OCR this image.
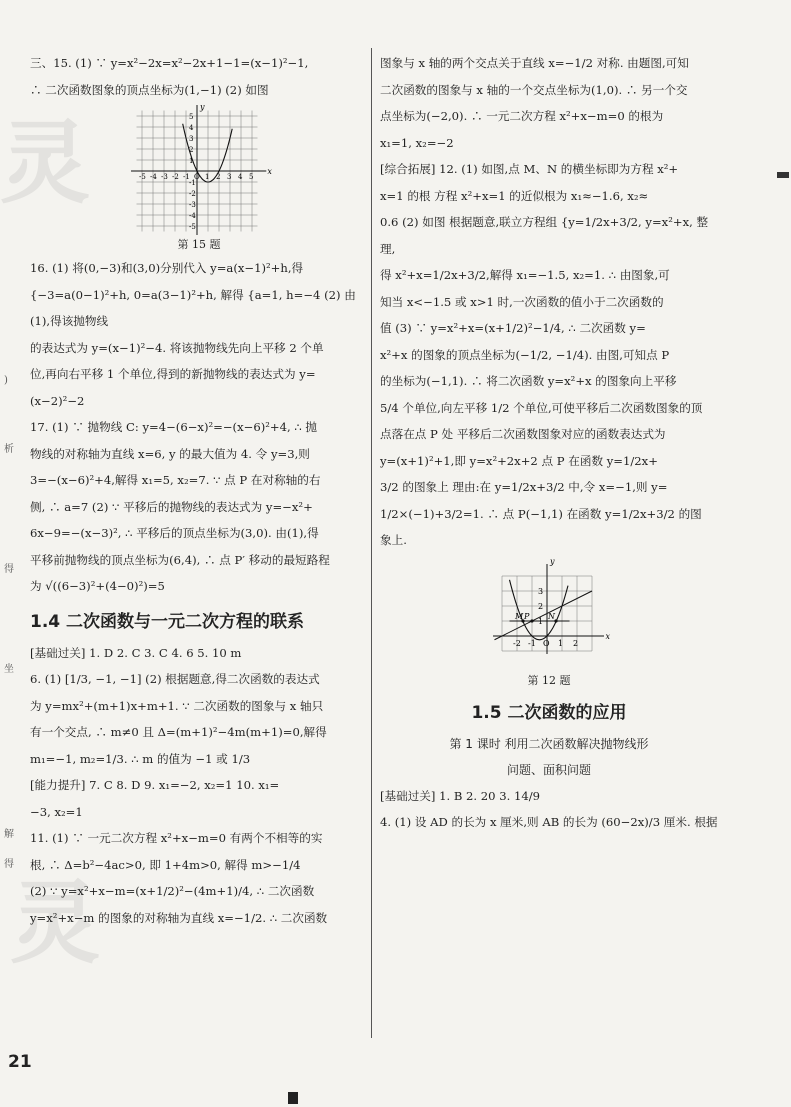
)
析
得
坐
解
得
灵
灵

三、15. (1) ∵ y=x²−2x=x²−2x+1−1=(x−1)²−1,

∴ 二次函数图象的顶点坐标为(1,−1) (2) 如图

x
y
-5 -4 -3 -2 -1 O 1 2 3 4 5
5
4
3
2
1
-1
-2
-3
-4
-5
第 15 题

16. (1) 将(0,−3)和(3,0)分别代入 y=a(x−1)²+h,得

{−3=a(0−1)²+h, 0=a(3−1)²+h, 解得 {a=1, h=−4 (2) 由(1),得该抛物线

的表达式为 y=(x−1)²−4. 将该抛物线先向上平移 2 个单

位,再向右平移 1 个单位,得到的新抛物线的表达式为 y=

(x−2)²−2

17. (1) ∵ 抛物线 C: y=4−(6−x)²=−(x−6)²+4, ∴ 抛

物线的对称轴为直线 x=6, y 的最大值为 4. 令 y=3,则

3=−(x−6)²+4,解得 x₁=5, x₂=7. ∵ 点 P 在对称轴的右

侧, ∴ a=7 (2) ∵ 平移后的抛物线的表达式为 y=−x²+

6x−9=−(x−3)², ∴ 平移后的顶点坐标为(3,0). 由(1),得

平移前抛物线的顶点坐标为(6,4), ∴ 点 P′ 移动的最短路程

为 √((6−3)²+(4−0)²)=5

1.4 二次函数与一元二次方程的联系

[基础过关] 1. D 2. C 3. C 4. 6 5. 10 m

6. (1) [1/3, −1, −1] (2) 根据题意,得二次函数的表达式

为 y=mx²+(m+1)x+m+1. ∵ 二次函数的图象与 x 轴只

有一个交点, ∴ m≠0 且 Δ=(m+1)²−4m(m+1)=0,解得

m₁=−1, m₂=1/3. ∴ m 的值为 −1 或 1/3

[能力提升] 7. C 8. D 9. x₁=−2, x₂=1 10. x₁=

−3, x₂=1

11. (1) ∵ 一元二次方程 x²+x−m=0 有两个不相等的实

根, ∴ Δ=b²−4ac>0, 即 1+4m>0, 解得 m>−1/4

(2) ∵ y=x²+x−m=(x+1/2)²−(4m+1)/4, ∴ 二次函数

y=x²+x−m 的图象的对称轴为直线 x=−1/2. ∴ 二次函数

图象与 x 轴的两个交点关于直线 x=−1/2 对称. 由题图,可知

二次函数的图象与 x 轴的一个交点坐标为(1,0). ∴ 另一个交

点坐标为(−2,0). ∴ 一元二次方程 x²+x−m=0 的根为

x₁=1, x₂=−2

[综合拓展] 12. (1) 如图,点 M、N 的横坐标即为方程 x²+

x=1 的根 方程 x²+x=1 的近似根为 x₁≈−1.6, x₂≈

0.6 (2) 如图 根据题意,联立方程组 {y=1/2x+3/2, y=x²+x, 整理,

得 x²+x=1/2x+3/2,解得 x₁=−1.5, x₂=1. ∴ 由图象,可

知当 x<−1.5 或 x>1 时,一次函数的值小于二次函数的

值 (3) ∵ y=x²+x=(x+1/2)²−1/4, ∴ 二次函数 y=

x²+x 的图象的顶点坐标为(−1/2, −1/4). 由图,可知点 P

的坐标为(−1,1). ∴ 将二次函数 y=x²+x 的图象向上平移

5/4 个单位,向左平移 1/2 个单位,可使平移后二次函数图象的顶

点落在点 P 处 平移后二次函数图象对应的函数表达式为

y=(x+1)²+1,即 y=x²+2x+2 点 P 在函数 y=1/2x+

3/2 的图象上 理由:在 y=1/2x+3/2 中,令 x=−1,则 y=

1/2×(−1)+3/2=1. ∴ 点 P(−1,1) 在函数 y=1/2x+3/2 的图

象上.

x
y
-2 -1 O 1 2
3
2
1
M P N
第 12 题
1.5 二次函数的应用
第 1 课时 利用二次函数解决抛物线形
问题、面积问题

[基础过关] 1. B 2. 20 3. 14/9

4. (1) 设 AD 的长为 x 厘米,则 AB 的长为 (60−2x)/3 厘米. 根据

21
